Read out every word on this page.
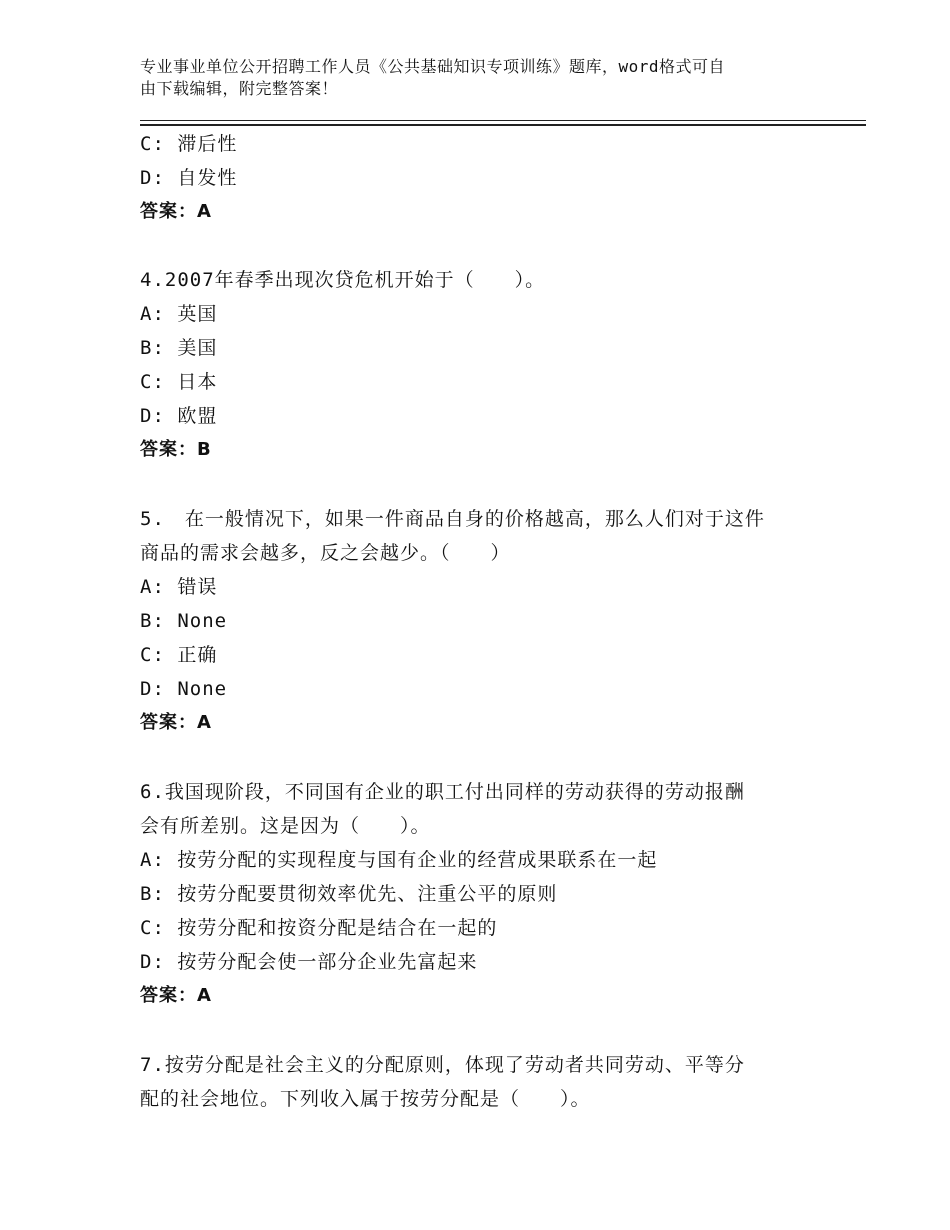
专业事业单位公开招聘工作人员《公共基础知识专项训练》题库，word格式可自
由下载编辑，附完整答案！
C: 滞后性
D: 自发性
答案：A
4.2007年春季出现次贷危机开始于（　　）。
A: 英国
B: 美国
C: 日本
D: 欧盟
答案：B
5.　在一般情况下，如果一件商品自身的价格越高，那么人们对于这件
商品的需求会越多，反之会越少。（　　）
A: 错误
B: None
C: 正确
D: None
答案：A
6.我国现阶段，不同国有企业的职工付出同样的劳动获得的劳动报酬
会有所差别。这是因为（　　）。
A: 按劳分配的实现程度与国有企业的经营成果联系在一起
B: 按劳分配要贯彻效率优先、注重公平的原则
C: 按劳分配和按资分配是结合在一起的
D: 按劳分配会使一部分企业先富起来
答案：A
7.按劳分配是社会主义的分配原则，体现了劳动者共同劳动、平等分
配的社会地位。下列收入属于按劳分配是（　　）。
